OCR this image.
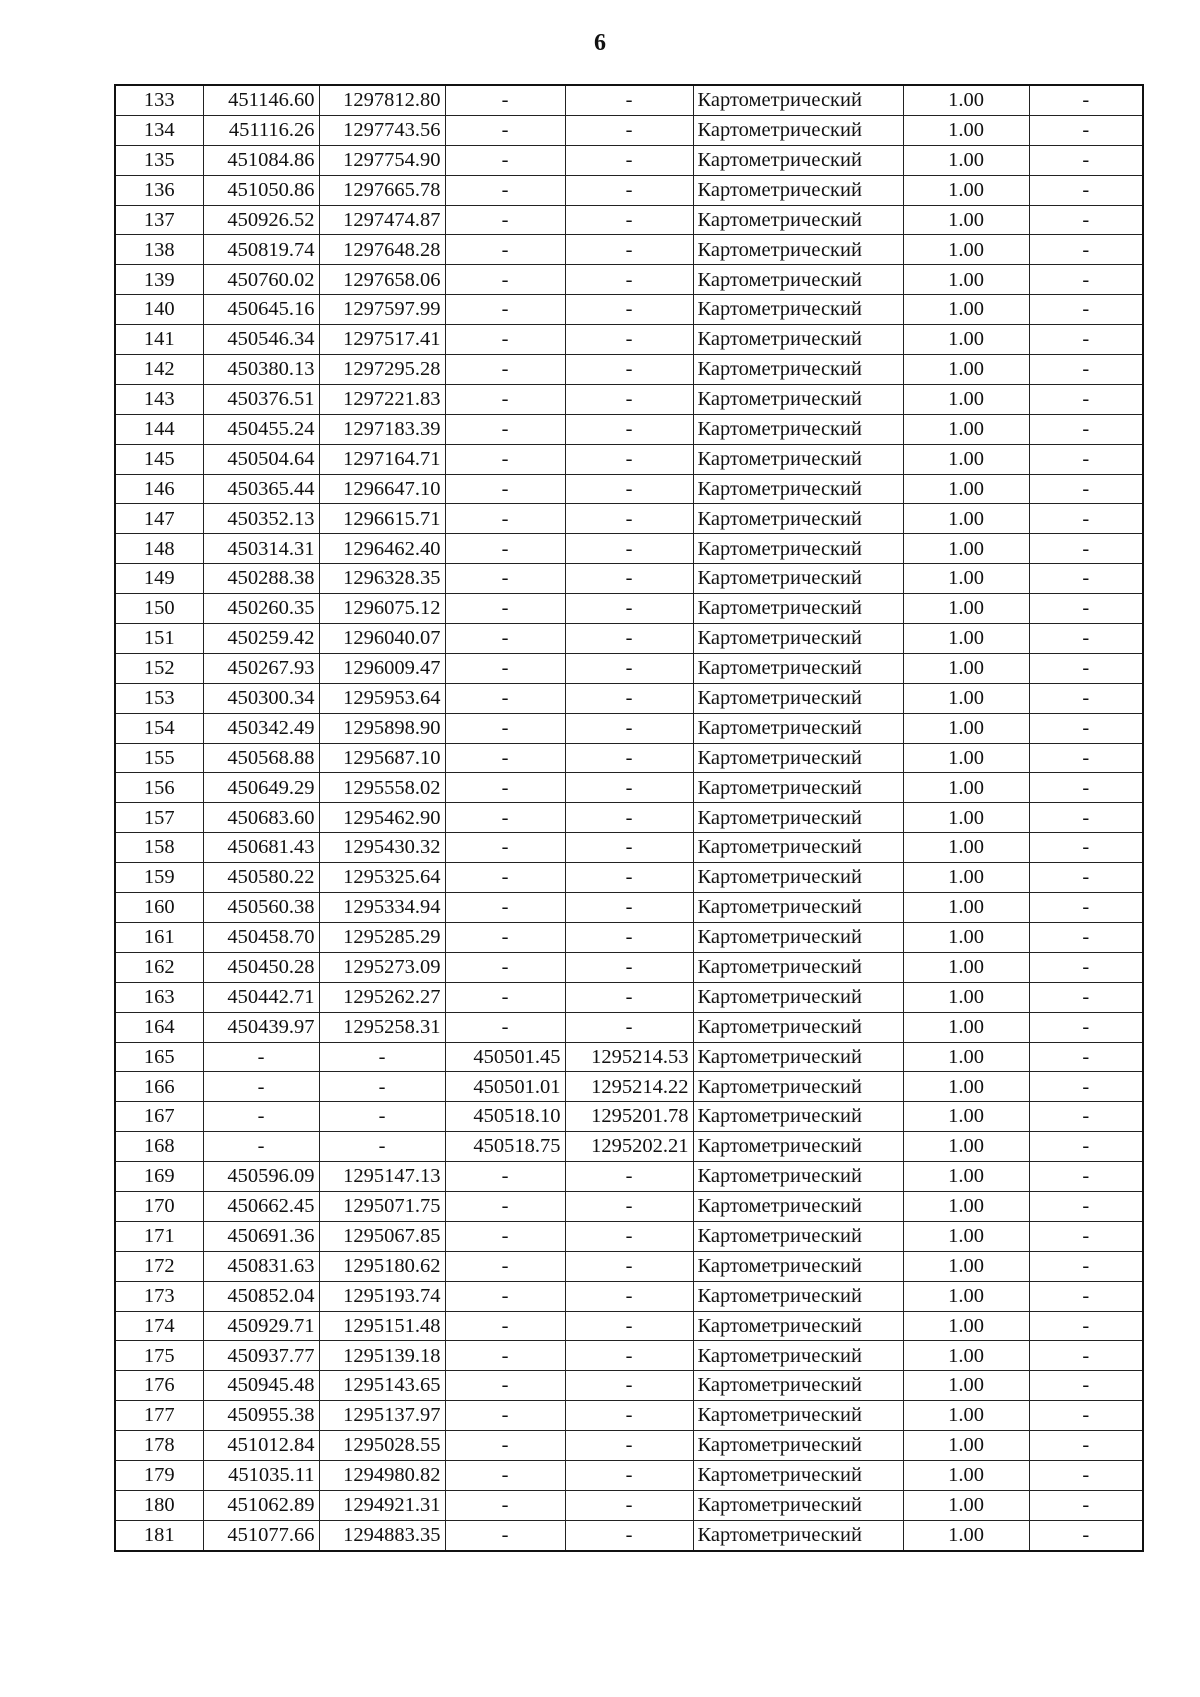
6
133	451146.60	1297812.80	-	-	Картометрический	1.00	-
134	451116.26	1297743.56	-	-	Картометрический	1.00	-
135	451084.86	1297754.90	-	-	Картометрический	1.00	-
136	451050.86	1297665.78	-	-	Картометрический	1.00	-
137	450926.52	1297474.87	-	-	Картометрический	1.00	-
138	450819.74	1297648.28	-	-	Картометрический	1.00	-
139	450760.02	1297658.06	-	-	Картометрический	1.00	-
140	450645.16	1297597.99	-	-	Картометрический	1.00	-
141	450546.34	1297517.41	-	-	Картометрический	1.00	-
142	450380.13	1297295.28	-	-	Картометрический	1.00	-
143	450376.51	1297221.83	-	-	Картометрический	1.00	-
144	450455.24	1297183.39	-	-	Картометрический	1.00	-
145	450504.64	1297164.71	-	-	Картометрический	1.00	-
146	450365.44	1296647.10	-	-	Картометрический	1.00	-
147	450352.13	1296615.71	-	-	Картометрический	1.00	-
148	450314.31	1296462.40	-	-	Картометрический	1.00	-
149	450288.38	1296328.35	-	-	Картометрический	1.00	-
150	450260.35	1296075.12	-	-	Картометрический	1.00	-
151	450259.42	1296040.07	-	-	Картометрический	1.00	-
152	450267.93	1296009.47	-	-	Картометрический	1.00	-
153	450300.34	1295953.64	-	-	Картометрический	1.00	-
154	450342.49	1295898.90	-	-	Картометрический	1.00	-
155	450568.88	1295687.10	-	-	Картометрический	1.00	-
156	450649.29	1295558.02	-	-	Картометрический	1.00	-
157	450683.60	1295462.90	-	-	Картометрический	1.00	-
158	450681.43	1295430.32	-	-	Картометрический	1.00	-
159	450580.22	1295325.64	-	-	Картометрический	1.00	-
160	450560.38	1295334.94	-	-	Картометрический	1.00	-
161	450458.70	1295285.29	-	-	Картометрический	1.00	-
162	450450.28	1295273.09	-	-	Картометрический	1.00	-
163	450442.71	1295262.27	-	-	Картометрический	1.00	-
164	450439.97	1295258.31	-	-	Картометрический	1.00	-
165	-	-	450501.45	1295214.53	Картометрический	1.00	-
166	-	-	450501.01	1295214.22	Картометрический	1.00	-
167	-	-	450518.10	1295201.78	Картометрический	1.00	-
168	-	-	450518.75	1295202.21	Картометрический	1.00	-
169	450596.09	1295147.13	-	-	Картометрический	1.00	-
170	450662.45	1295071.75	-	-	Картометрический	1.00	-
171	450691.36	1295067.85	-	-	Картометрический	1.00	-
172	450831.63	1295180.62	-	-	Картометрический	1.00	-
173	450852.04	1295193.74	-	-	Картометрический	1.00	-
174	450929.71	1295151.48	-	-	Картометрический	1.00	-
175	450937.77	1295139.18	-	-	Картометрический	1.00	-
176	450945.48	1295143.65	-	-	Картометрический	1.00	-
177	450955.38	1295137.97	-	-	Картометрический	1.00	-
178	451012.84	1295028.55	-	-	Картометрический	1.00	-
179	451035.11	1294980.82	-	-	Картометрический	1.00	-
180	451062.89	1294921.31	-	-	Картометрический	1.00	-
181	451077.66	1294883.35	-	-	Картометрический	1.00	-
